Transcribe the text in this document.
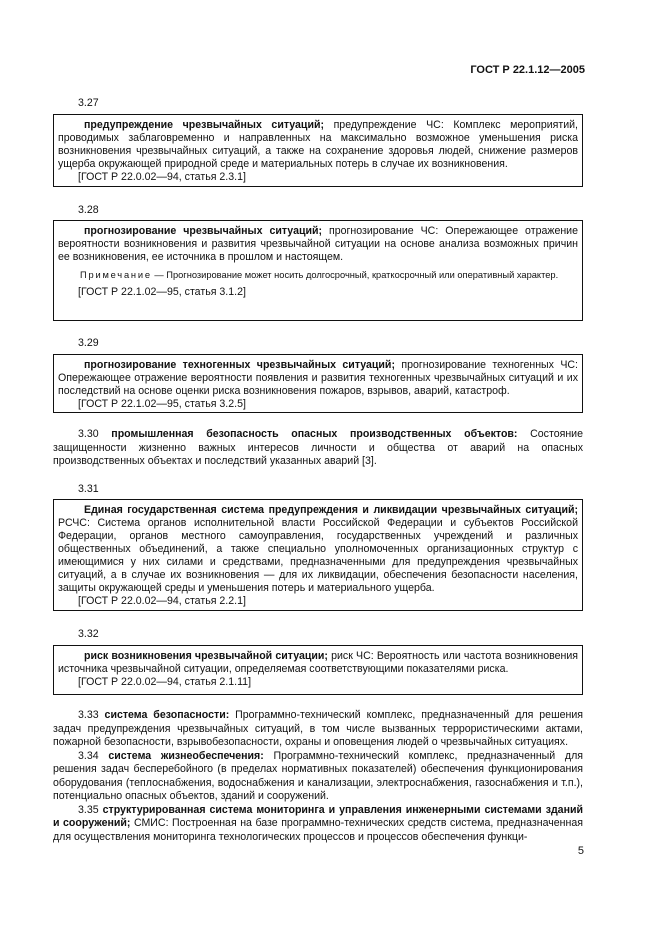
ГОСТ Р 22.1.12—2005
3.27

предупреждение чрезвычайных ситуаций; предупреждение ЧС: Комплекс мероприятий, проводимых заблаговременно и направленных на максимально возможное уменьшения риска возникновения чрезвычайных ситуаций, а также на сохранение здоровья людей, снижение размеров ущерба окружающей природной среде и материальных потерь в случае их возникновения.

[ГОСТ Р 22.0.02—94, статья 2.3.1]
3.28

прогнозирование чрезвычайных ситуаций; прогнозирование ЧС: Опережающее отражение вероятности возникновения и развития чрезвычайной ситуации на основе анализа возможных причин ее возникновения, ее источника в прошлом и настоящем.

Примечание — Прогнозирование может носить долгосрочный, краткосрочный или оперативный характер.
[ГОСТ Р 22.1.02—95, статья 3.1.2]
3.29

прогнозирование техногенных чрезвычайных ситуаций; прогнозирование техногенных ЧС: Опережающее отражение вероятности появления и развития техногенных чрезвычайных ситуаций и их последствий на основе оценки риска возникновения пожаров, взрывов, аварий, катастроф.

[ГОСТ Р 22.1.02—95, статья 3.2.5]

3.30 промышленная безопасность опасных производственных объектов: Состояние защищенности жизненно важных интересов личности и общества от аварий на опасных производственных объектах и последствий указанных аварий [3].

3.31

Единая государственная система предупреждения и ликвидации чрезвычайных ситуаций; РСЧС: Система органов исполнительной власти Российской Федерации и субъектов Российской Федерации, органов местного самоуправления, государственных учреждений и различных общественных объединений, а также специально уполномоченных организационных структур с имеющимися у них силами и средствами, предназначенными для предупреждения чрезвычайных ситуаций, а в случае их возникновения — для их ликвидации, обеспечения безопасности населения, защиты окружающей среды и уменьшения потерь и материального ущерба.

[ГОСТ Р 22.0.02—94, статья 2.2.1]
3.32

риск возникновения чрезвычайной ситуации; риск ЧС: Вероятность или частота возникновения источника чрезвычайной ситуации, определяемая соответствующими показателями риска.

[ГОСТ Р 22.0.02—94, статья 2.1.11]

3.33 система безопасности: Программно-технический комплекс, предназначенный для решения задач предупреждения чрезвычайных ситуаций, в том числе вызванных террористическими актами, пожарной безопасности, взрывобезопасности, охраны и оповещения людей о чрезвычайных ситуациях.

3.34 система жизнеобеспечения: Программно-технический комплекс, предназначенный для решения задач бесперебойного (в пределах нормативных показателей) обеспечения функционирования оборудования (теплоснабжения, водоснабжения и канализации, электроснабжения, газоснабжения и т.п.), потенциально опасных объектов, зданий и сооружений.

3.35 структурированная система мониторинга и управления инженерными системами зданий и сооружений; СМИС: Построенная на базе программно-технических средств система, предназначенная для осуществления мониторинга технологических процессов и процессов обеспечения функци-

5
